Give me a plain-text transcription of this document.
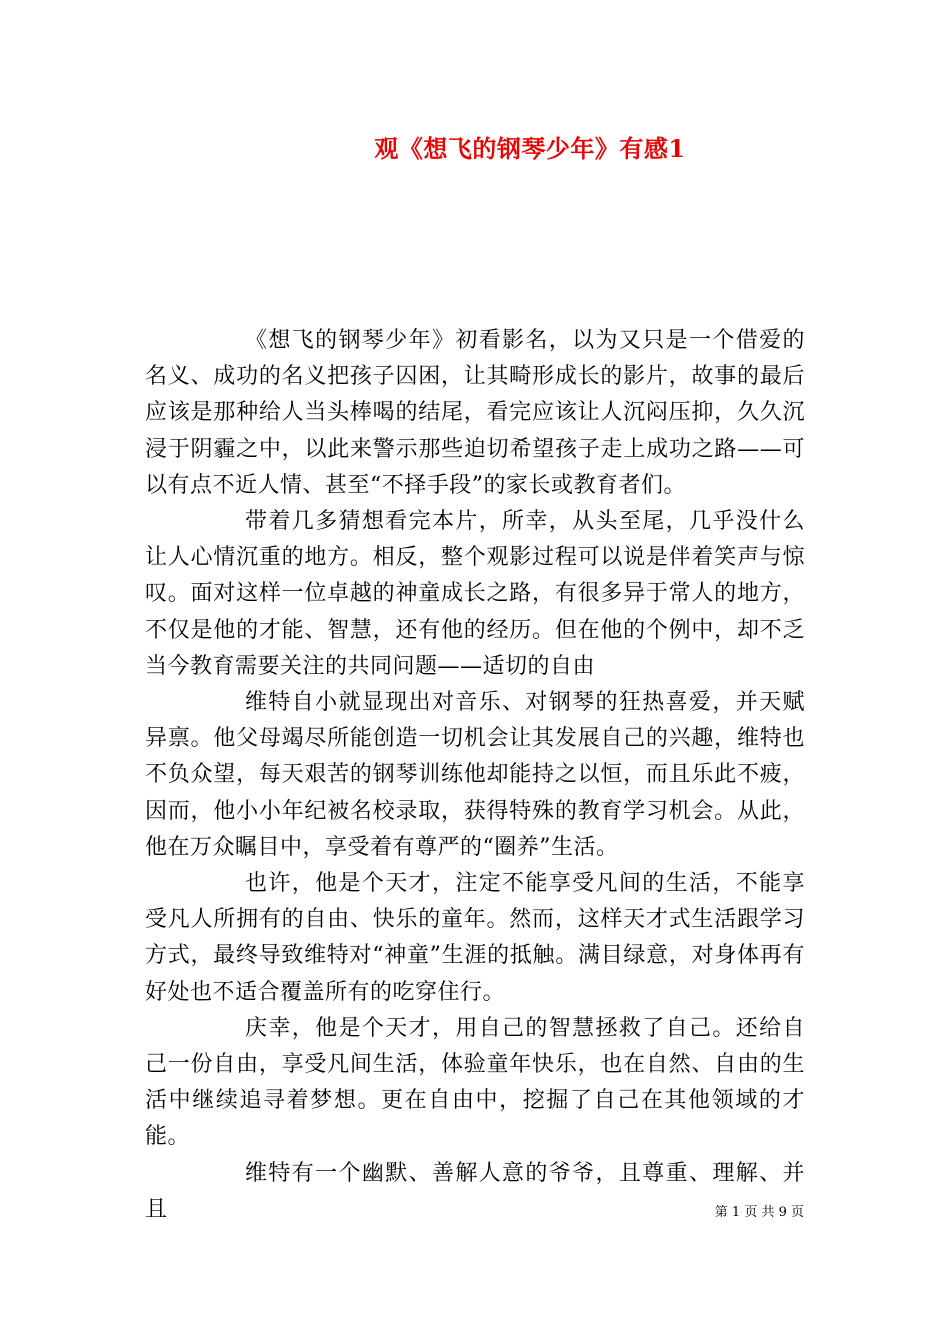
观《想飞的钢琴少年》有感1

《想飞的钢琴少年》初看影名，以为又只是一个借爱的名义、成功的名义把孩子囚困，让其畸形成长的影片，故事的最后应该是那种给人当头棒喝的结尾，看完应该让人沉闷压抑，久久沉浸于阴霾之中，以此来警示那些迫切希望孩子走上成功之路——可以有点不近人情、甚至“不择手段”的家长或教育者们。

带着几多猜想看完本片，所幸，从头至尾，几乎没什么让人心情沉重的地方。相反，整个观影过程可以说是伴着笑声与惊叹。面对这样一位卓越的神童成长之路，有很多异于常人的地方，不仅是他的才能、智慧，还有他的经历。但在他的个例中，却不乏当今教育需要关注的共同问题——适切的自由

维特自小就显现出对音乐、对钢琴的狂热喜爱，并天赋异禀。他父母竭尽所能创造一切机会让其发展自己的兴趣，维特也不负众望，每天艰苦的钢琴训练他却能持之以恒，而且乐此不疲，因而，他小小年纪被名校录取，获得特殊的教育学习机会。从此，他在万众瞩目中，享受着有尊严的“圈养”生活。

也许，他是个天才，注定不能享受凡间的生活，不能享受凡人所拥有的自由、快乐的童年。然而，这样天才式生活跟学习方式，最终导致维特对“神童”生涯的抵触。满目绿意，对身体再有好处也不适合覆盖所有的吃穿住行。

庆幸，他是个天才，用自己的智慧拯救了自己。还给自己一份自由，享受凡间生活，体验童年快乐，也在自然、自由的生活中继续追寻着梦想。更在自由中，挖掘了自己在其他领域的才能。

维特有一个幽默、善解人意的爷爷，且尊重、理解、并且	第 1 页 共 9 页
